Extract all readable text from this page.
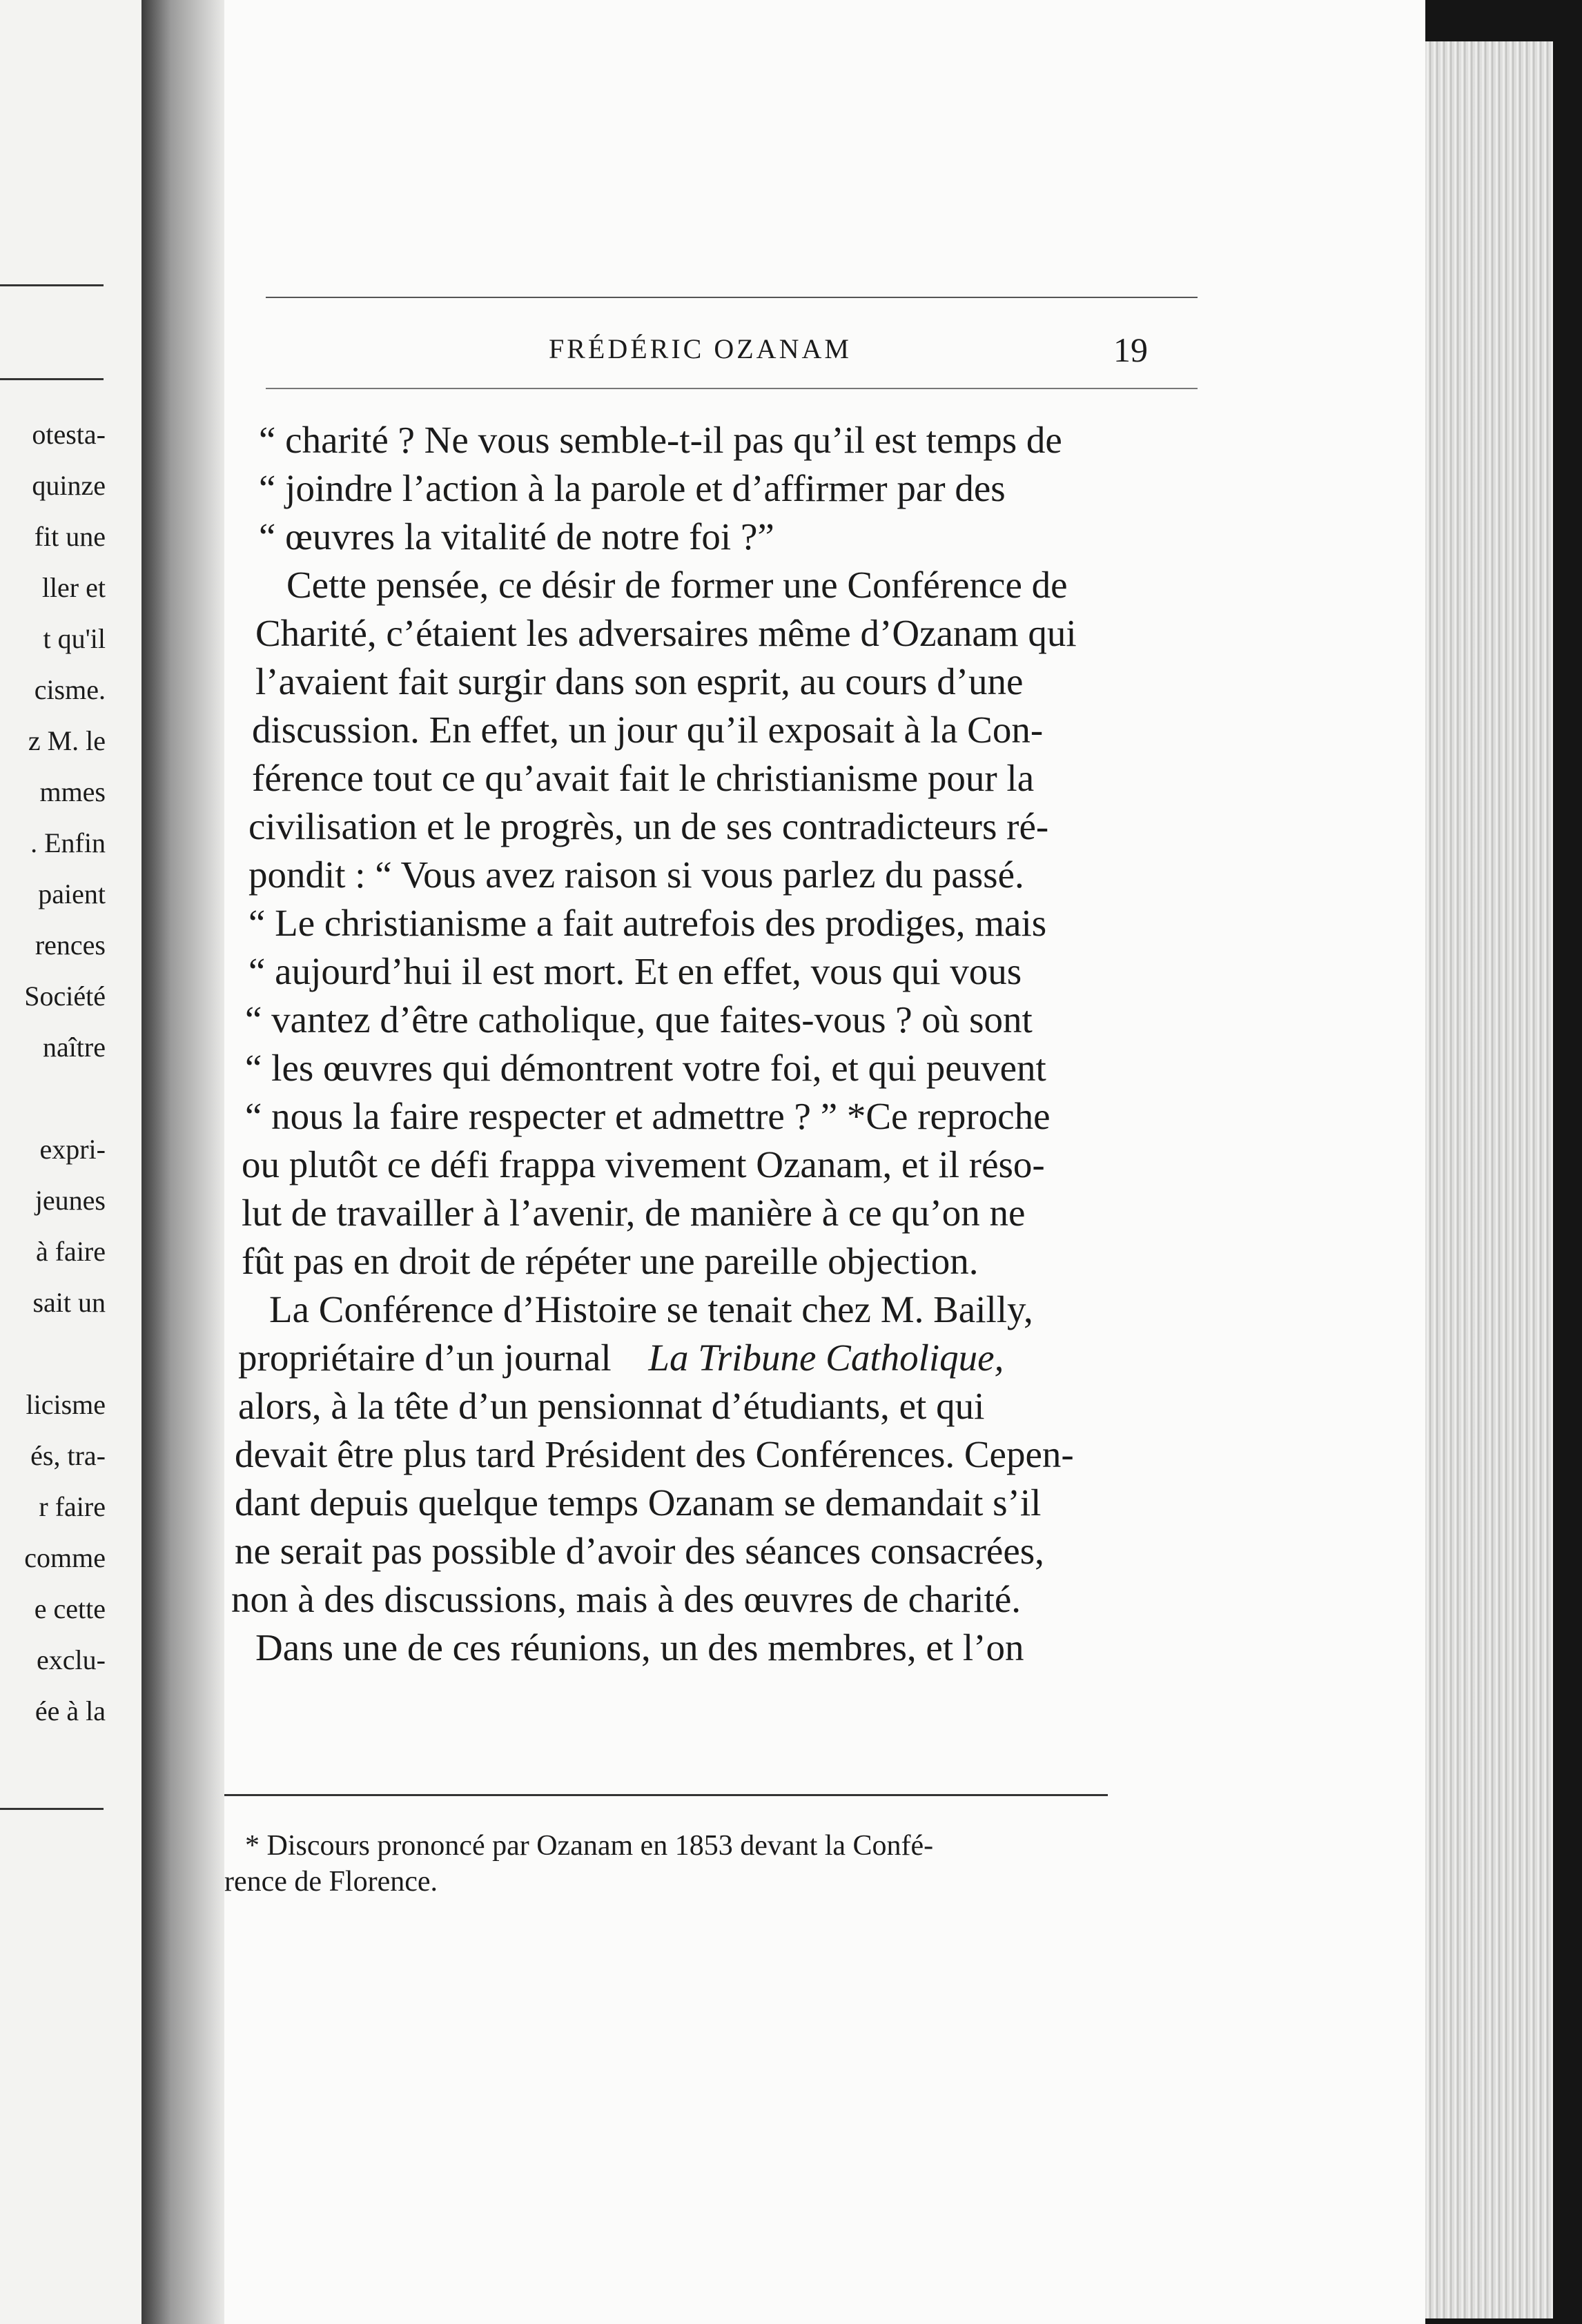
otesta-
quinze
fit une
ller et
t qu'il
cisme.
z M. le
mmes
. Enfin
paient
rences
Société
naître
expri-
jeunes
à faire
sait un
licisme
és, tra-
r faire
comme
e cette
exclu-
ée à la
FRÉDÉRIC OZANAM	19
“ charité ? Ne vous semble-t-il pas qu’il est temps de
“ joindre l’action à la parole et d’affirmer par des
“ œuvres la vitalité de notre foi ?”
Cette pensée, ce désir de former une Conférence de
Charité, c’étaient les adversaires même d’Ozanam qui
l’avaient fait surgir dans son esprit, au cours d’une
discussion. En effet, un jour qu’il exposait à la Con-
férence tout ce qu’avait fait le christianisme pour la
civilisation et le progrès, un de ses contradicteurs ré-
pondit : “ Vous avez raison si vous parlez du passé.
“ Le christianisme a fait autrefois des prodiges, mais
“ aujourd’hui il est mort. Et en effet, vous qui vous
“ vantez d’être catholique, que faites-vous ? où sont
“ les œuvres qui démontrent votre foi, et qui peuvent
“ nous la faire respecter et admettre ? ” *Ce reproche
ou plutôt ce défi frappa vivement Ozanam, et il réso-
lut de travailler à l’avenir, de manière à ce qu’on ne
fût pas en droit de répéter une pareille objection.
La Conférence d’Histoire se tenait chez M. Bailly,
propriétaire d’un journal La Tribune Catholique,
alors, à la tête d’un pensionnat d’étudiants, et qui
devait être plus tard Président des Conférences. Cepen-
dant depuis quelque temps Ozanam se demandait s’il
ne serait pas possible d’avoir des séances consacrées,
non à des discussions, mais à des œuvres de charité.
Dans une de ces réunions, un des membres, et l’on
* Discours prononcé par Ozanam en 1853 devant la Confé-
rence de Florence.
